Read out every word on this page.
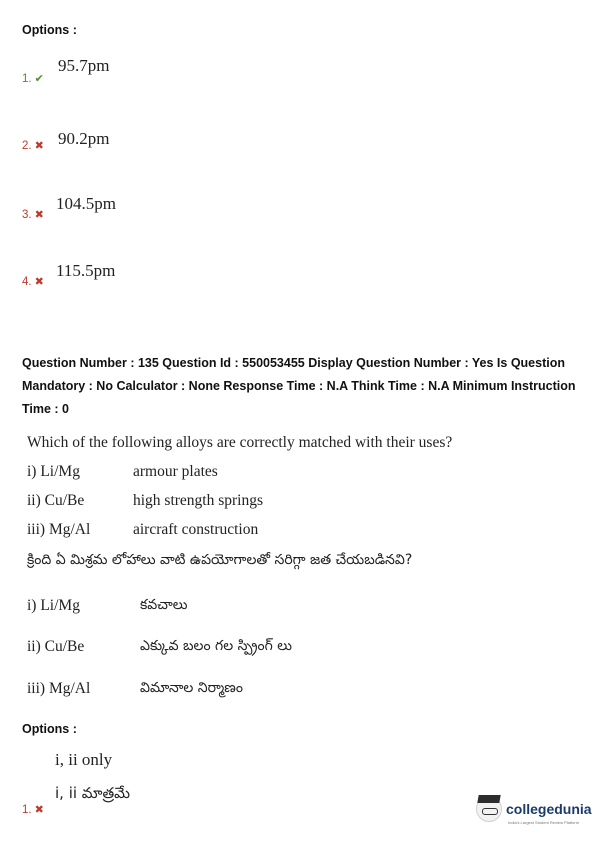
Options :
1. ✔
95.7pm
2. ✖ 90.2pm
3. ✖
104.5pm
4. ✖
115.5pm
Question Number : 135 Question Id : 550053455 Display Question Number : Yes Is Question
Mandatory : No Calculator : None Response Time : N.A Think Time : N.A Minimum Instruction
Time : 0
Which of the following alloys are correctly matched with their uses?
i) Li/Mg	armour plates
ii) Cu/Be	high strength springs
iii) Mg/Al	aircraft construction
క్రింది ఏ మిశ్రమ లోహాలు వాటి ఉపయోగాలతో సరిగ్గా జత చేయబడినవి?
i) Li/Mg	కవచాలు
ii) Cu/Be	ఎక్కువ బలం గల స్ప్రింగ్ లు
iii) Mg/Al	విమానాల నిర్మాణం
Options :
i, ii only
i, ii మాత్రమే
1. ✖	collegedunia
India's Largest Student Review Platform
